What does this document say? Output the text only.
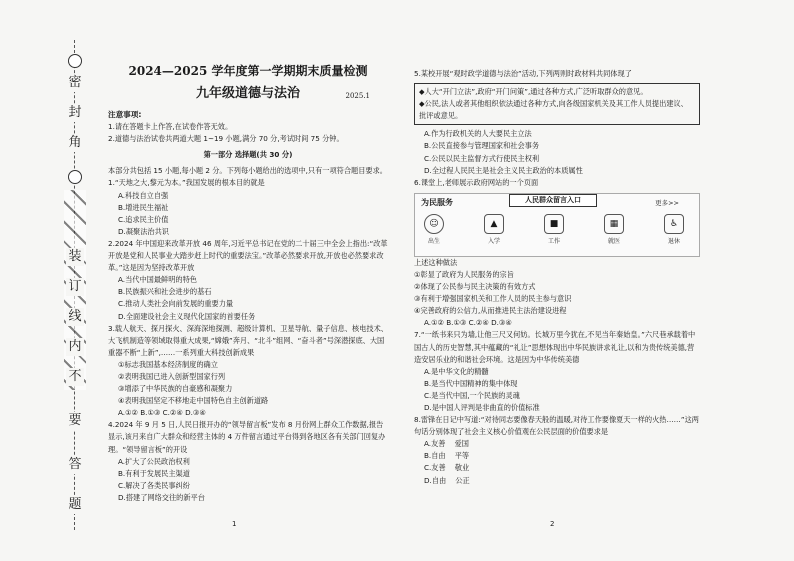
密
封
角
装
订
线
内
不
要
答
题
2024—2025 学年度第一学期期末质量检测
九年级道德与法治	2025.1
注意事项:
1.请在答题卡上作答,在试卷作答无效。
2.道德与法治试卷共两道大题 1~19 小题,满分 70 分,考试时间 75 分钟。
第一部分 选择题(共 30 分)
本部分共包括 15 小题,每小题 2 分。下列每小题给出的选项中,只有一项符合题目要求。
1.“天地之大,黎元为本。”我国发展的根本目的就是
A.科技自立自强
B.增进民生福祉
C.追求民主价值
D.凝聚法治共识
2.2024 年中国迎来改革开放 46 周年,习近平总书记在党的二十届三中全会上指出:“改革开放是党和人民事业大踏步赶上时代的重要法宝。”改革必然要求开放,开放也必然要求改革。”这是因为坚持改革开放
A.当代中国最鲜明的特色
B.民族振兴和社会进步的基石
C.推动人类社会向前发展的重要力量
D.全面建设社会主义现代化国家的首要任务
3.载人航天、探月探火、深海深地探测、超级计算机、卫星导航、量子信息、核电技术、大飞机制造等领域取得重大成果,“嫦娥”奔月、“北斗”组网、“奋斗者”号深潜探底、大国重器不断“上新”,……一系列重大科技创新成果
①标志我国基本经济制度的确立
②表明我国已进入创新型国家行列
③增添了中华民族的自豪感和凝聚力
④表明我国坚定不移地走中国特色自主创新道路
A.①② B.①③ C.②④ D.③④
4.2024 年 9 月 5 日,人民日报开办的“领导留言板”发布 8 月份网上群众工作数据,报告显示,该月来自广大群众和经营主体的 4 万件留言通过平台得到各地区各有关部门回复办理。“领导留言板”的开设
A.扩大了公民政治权利
B.有利于发展民主渠道
C.解决了各类民事纠纷
D.搭建了网络交往的新平台
1
5.某校开展“观时政学道德与法治”活动,下列两则时政材料共同体现了
◆人大“开门立法”,政府“开门问策”,通过各种方式,广泛听取群众的意见。
◆公民,法人或者其他组织依法通过各种方式,向各级国家机关及其工作人员提出建议、批评或意见。
A.作为行政机关的人大要民主立法
B.公民直接参与管理国家和社会事务
C.公民以民主监督方式行使民主权利
D.全过程人民民主是社会主义民主政治的本质属性
6.课堂上,老师展示政府网站的一个页面
为民服务	人民群众留言入口	更多>>
☺
出生
▲
入学
■
工作
▦
就医
♿
退休
上述这种做法
①彰显了政府为人民服务的宗旨
②体现了公民参与民主决策的有效方式
③有利于增强国家机关和工作人员的民主参与意识
④完善政府的公信力,从而推进民主法治建设进程
A.①② B.①③ C.②④ D.③④
7.“一纸书来只为墙,让他三尺又何妨。长城万里今犹在,不见当年秦始皇。”六尺巷承载着中国古人的历史智慧,其中蕴藏的“礼让”思想体现出中华民族讲求礼让,以和为贵传统美德,营造安居乐业的和谐社会环境。这是因为中华传统美德
A.是中华文化的精髓
B.是当代中国精神的集中体现
C.是当代中国,一个民族的灵魂
D.是中国人评判是非曲直的价值标准
8.雷锋在日记中写道:“对待同志要像春天般的温暖,对待工作要像夏天一样的火热……”这两句话分别体现了社会主义核心价值观在公民层面的价值要求是
A.友善 爱国
B.自由 平等
C.友善 敬业
D.自由 公正
2
